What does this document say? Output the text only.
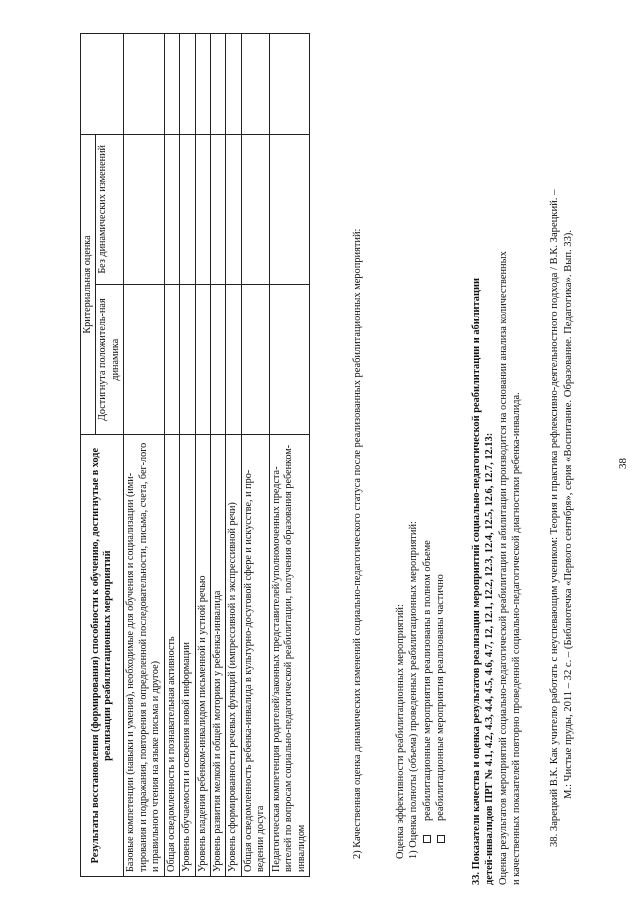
38

38. Зарецкий В.К. Как учителю работать с неуспевающим учеником: Теория и практика рефлексивно-деятельностного подхода / В.К. Зарецкий. – М.: Чистые пруды, 2011 – 32 с. – (Библиотечка «Первого сентября», серия «Воспитание. Образование. Педагогика». Вып. 33).

33. Показатели качества и оценка результатов реализации мероприятий социально-педагогической реабилитации и абилитации детей-инвалидов ПРГ № 4.1, 4.2, 4.3, 4.4, 4.5, 4.6, 4.7, 12, 12.1, 12.2, 12.3, 12.4, 12.5, 12.6, 12.7, 12.13: Оценка результатов мероприятий социально-педагогической реабилитации и абилитации производится на основании анализа количественных и качественных показателей повторно проведенной социально-педагогической диагностики ребенка-инвалида.

Оценка эффективности реабилитационных мероприятий: 1) Оценка полноты (объема) проведенных реабилитационных мероприятий: реабилитационные мероприятия реализованы в полном объеме реабилитационные мероприятия реализованы частично
2) Качественная оценка динамических изменений социально-педагогического статуса после реализованных реабилитационных мероприятий:
Результаты восстановления (формирования) способности к обучению, достигнутые в ходе реализации реабилитационных мероприятий	Критериальная оценка		
	Достигнута положитель-ная динамика	Без динамических изменений	
Базовые компетенции (навыки и умения), необходимые для обучения и социализации (ими-тирования и подражания, повторения в определенной последовательности, письма, счета, бег-лого и правильного чтения на языке письма и другое)			
Общая осведомленность и познавательная активность			
Уровень обучаемости и освоения новой информации			
Уровень владения ребенком-инвалидом письменной и устной речью			
Уровень развития мелкой и общей моторики у ребенка-инвалида			
Уровень сформированности речевых функций (импрессивной и экспрессивной речи)			
Общая осведомленность ребенка-инвалида в культурно-досуговой сфере и искусстве, и про-ведении досуга			
Педагогическая компетенция родителей/законных представителей/уполномоченных предста-вителей по вопросам социально-педагогической реабилитации, получения образования ребенком-инвалидом			
